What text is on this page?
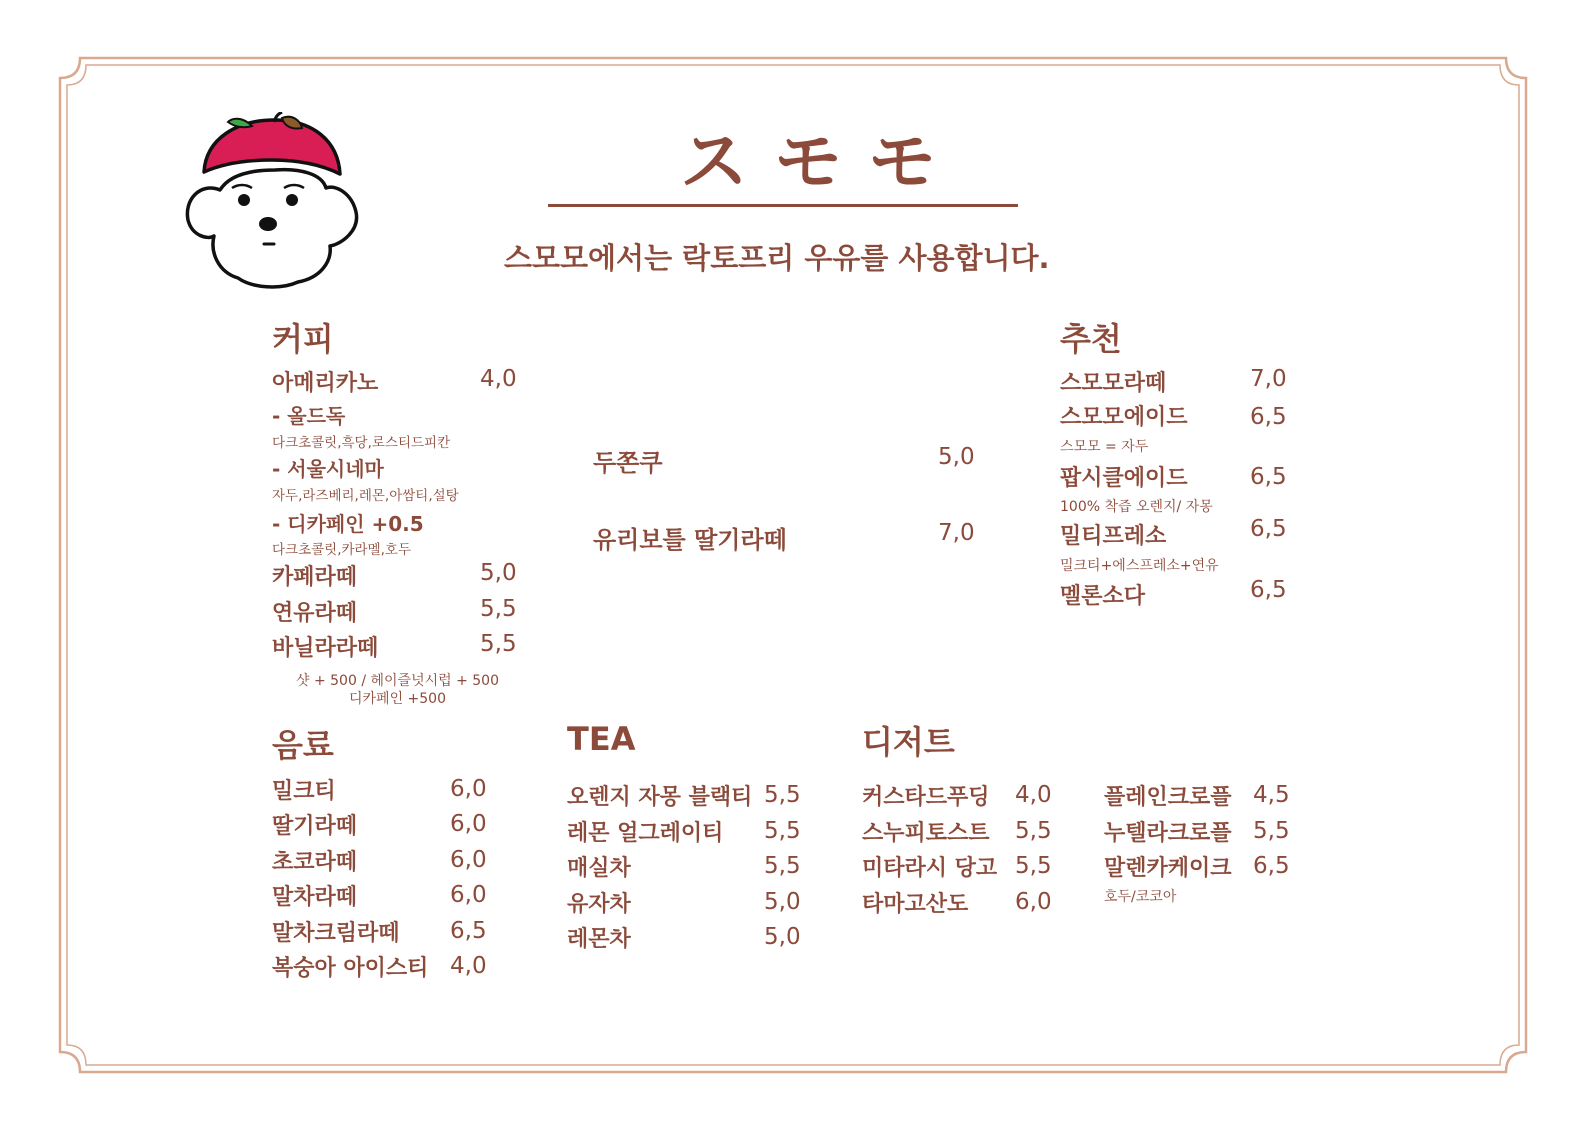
スモモ
스모모에서는 락토프리 우유를 사용합니다.
커피
아메리카노	4,0
- 올드독
다크초콜릿,흑당,로스티드피칸
- 서울시네마
자두,라즈베리,레몬,아쌈티,설탕
- 디카페인 +0.5
다크초콜릿,카라멜,호두
카페라떼	5,0
연유라떼	5,5
바닐라라떼	5,5
샷 + 500 / 헤이즐넛시럽 + 500
디카페인 +500
두쫀쿠	5,0
유리보틀 딸기라떼	7,0
추천
스모모라떼	7,0
스모모에이드	6,5
스모모 = 자두
팝시클에이드	6,5
100% 착즙 오렌지/ 자몽
밀티프레소	6,5
밀크티+에스프레소+연유
멜론소다	6,5
음료
밀크티	6,0
딸기라떼	6,0
초코라떼	6,0
말차라떼	6,0
말차크림라떼 6,5
복숭아 아이스티 4,0
TEA
오렌지 자몽 블랙티 5,5
레몬 얼그레이티 5,5
매실차	5,5
유자차	5,0
레몬차	5,0
디저트
커스타드푸딩 4,0
스누피토스트 5,5
미타라시 당고 5,5
타마고산도 6,0
플레인크로플 4,5
누텔라크로플 5,5
말렌카케이크 6,5
호두/코코아
